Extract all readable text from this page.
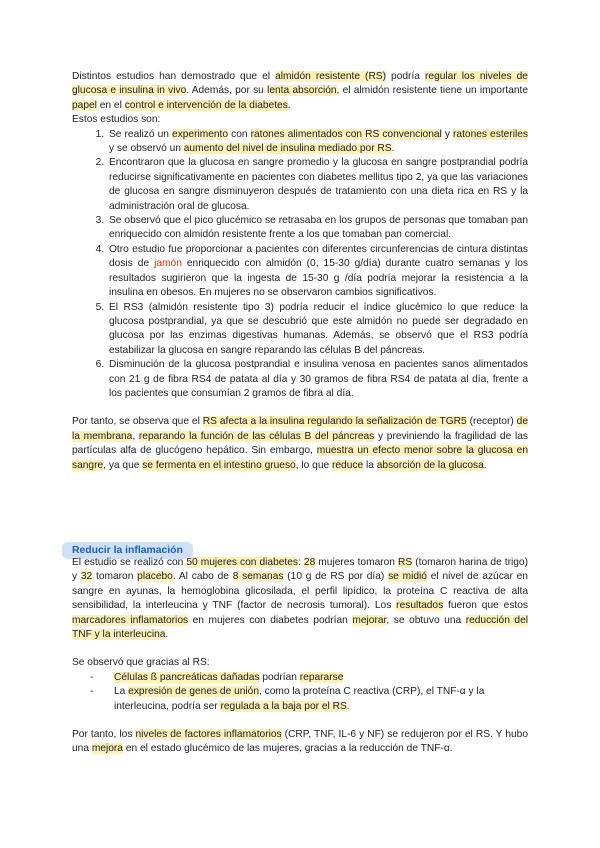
Distintos estudios han demostrado que el almidón resistente (RS) podría regular los niveles de glucosa e insulina in vivo. Además, por su lenta absorción, el almidón resistente tiene un importante papel en el control e intervención de la diabetes.

Estos estudios son:

1. Se realizó un experimento con ratones alimentados con RS convencional y ratones esteriles y se observó un aumento del nivel de insulina mediado por RS.
2. Encontraron que la glucosa en sangre promedio y la glucosa en sangre postprandial podría reducirse significativamente en pacientes con diabetes mellitus tipo 2, ya que las variaciones de glucosa en sangre disminuyeron después de tratamiento con una dieta rica en RS y la administración oral de glucosa.
3. Se observó que el pico glucémico se retrasaba en los grupos de personas que tomaban pan enriquecido con almidón resistente frente a los que tomaban pan comercial.
4. Otro estudio fue proporcionar a pacientes con diferentes circunferencias de cintura distintas dosis de jamón enriquecido con almidón (0, 15-30 g/día) durante cuatro semanas y los resultados sugirieron que la ingesta de 15-30 g /día podría mejorar la resistencia a la insulina en obesos. En mujeres no se observaron cambios significativos.
5. El RS3 (almidón resistente tipo 3) podría reducir el índice glucémico lo que reduce la glucosa postprandial, ya que se descubrió que este almidón no puede ser degradado en glucosa por las enzimas digestivas humanas. Además, se observó que el RS3 podría estabilizar la glucosa en sangre reparando las células B del páncreas.
6. Disminución de la glucosa postprandial e insulina venosa en pacientes sanos alimentados con 21 g de fibra RS4 de patata al día y 30 gramos de fibra RS4 de patata al día, frente a los pacientes que consumían 2 gramos de fibra al día.

Por tanto, se observa que el RS afecta a la insulina regulando la señalización de TGR5 (receptor) de la membrana, reparando la función de las células B del páncreas y previniendo la fragilidad de las partículas alfa de glucógeno hepático. Sin embargo, muestra un efecto menor sobre la glucosa en sangre, ya que se fermenta en el intestino grueso, lo que reduce la absorción de la glucosa.

Reducir la inflamación

El estudio se realizó con 50 mujeres con diabetes: 28 mujeres tomaron RS (tomaron harina de trigo) y 32 tomaron placebo. Al cabo de 8 semanas (10 g de RS por día) se midió el nivel de azúcar en sangre en ayunas, la hemoglobina glicosilada, el perfil lipídico, la proteína C reactiva de alta sensibilidad, la interleucina y TNF (factor de necrosis tumoral). Los resultados fueron que estos marcadores inflamatorios en mujeres con diabetes podrían mejorar, se obtuvo una reducción del TNF y la interleucina.

Se observó que gracias al RS:

- Células ß pancreáticas dañadas podrían repararse
- La expresión de genes de unión, como la proteína C reactiva (CRP), el TNF-α y la interleucina, podría ser regulada a la baja por el RS.

Por tanto, los niveles de factores inflamatorios (CRP, TNF, IL-6 y NF) se redujeron por el RS. Y hubo una mejora en el estado glucémico de las mujeres, gracias a la reducción de TNF-α.
